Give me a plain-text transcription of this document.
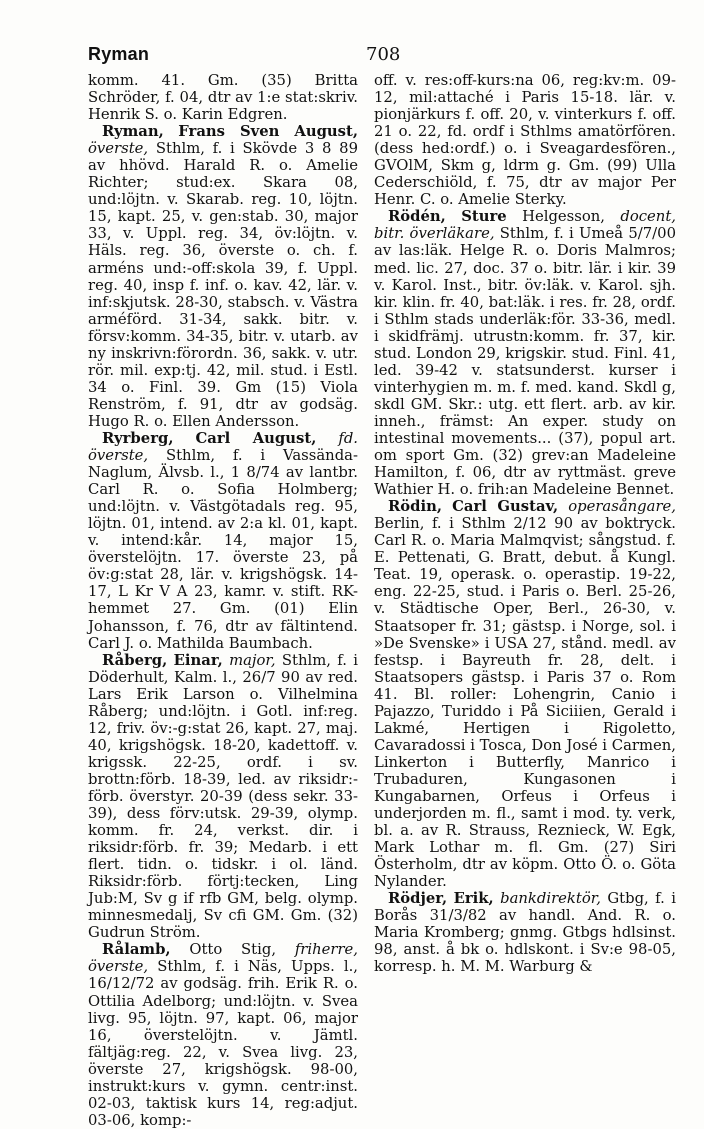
Ryman	708

komm. 41. Gm. (35) Britta Schröder, f. 04, dtr av 1:e stat:skriv. Henrik S. o. Karin Edgren.

Ryman, Frans Sven August, överste, Sthlm, f. i Skövde 3 8 89 av hhövd. Harald R. o. Amelie Richter; stud:ex. Skara 08, und:löjtn. v. Skarab. reg. 10, löjtn. 15, kapt. 25, v. gen:stab. 30, major 33, v. Uppl. reg. 34, öv:löjtn. v. Häls. reg. 36, överste o. ch. f. arméns und:-off:skola 39, f. Uppl. reg. 40, insp f. inf. o. kav. 42, lär. v. inf:skjutsk. 28-30, stabsch. v. Västra arméförd. 31-34, sakk. bitr. v. försv:komm. 34-35, bitr. v. utarb. av ny inskrivn:förordn. 36, sakk. v. utr. rör. mil. exp:tj. 42, mil. stud. i Estl. 34 o. Finl. 39. Gm (15) Viola Renström, f. 91, dtr av godsäg. Hugo R. o. Ellen Andersson.

Ryrberg, Carl August, fd. överste, Sthlm, f. i Vassända-Naglum, Älvsb. l., 1 8/74 av lantbr. Carl R. o. Sofia Holmberg; und:löjtn. v. Västgötadals reg. 95, löjtn. 01, intend. av 2:a kl. 01, kapt. v. intend:kår. 14, major 15, överstelöjtn. 17. överste 23, på öv:g:stat 28, lär. v. krigshögsk. 14-17, L Kr V A 23, kamr. v. stift. RK-hemmet 27. Gm. (01) Elin Johansson, f. 76, dtr av fältintend. Carl J. o. Mathilda Baumbach.

Råberg, Einar, major, Sthlm, f. i Döderhult, Kalm. l., 26/7 90 av red. Lars Erik Larson o. Vilhelmina Råberg; und:löjtn. i Gotl. inf:reg. 12, friv. öv:-g:stat 26, kapt. 27, maj. 40, krigshögsk. 18-20, kadettoff. v. krigssk. 22-25, ordf. i sv. brottn:förb. 18-39, led. av riksidr:-förb. överstyr. 20-39 (dess sekr. 33-39), dess förv:utsk. 29-39, olymp. komm. fr. 24, verkst. dir. i riksidr:förb. fr. 39; Medarb. i ett flert. tidn. o. tidskr. i ol. länd. Riksidr:förb. förtj:tecken, Ling Jub:M, Sv g if rfb GM, belg. olymp. minnesmedalj, Sv cfi GM. Gm. (32) Gudrun Ström.

Rålamb, Otto Stig, friherre, överste, Sthlm, f. i Näs, Upps. l., 16/12/72 av godsäg. frih. Erik R. o. Ottilia Adelborg; und:löjtn. v. Svea livg. 95, löjtn. 97, kapt. 06, major 16, överstelöjtn. v. Jämtl. fältjäg:reg. 22, v. Svea livg. 23, överste 27, krigshögsk. 98-00, instrukt:kurs v. gymn. centr:inst. 02-03, taktisk kurs 14, reg:adjut. 03-06, komp:-

off. v. res:off-kurs:na 06, reg:kv:m. 09-12, mil:attaché i Paris 15-18. lär. v. pionjärkurs f. off. 20, v. vinterkurs f. off. 21 o. 22, fd. ordf i Sthlms amatörfören. (dess hed:ordf.) o. i Sveagardesfören., GVOlM, Skm g, ldrm g. Gm. (99) Ulla Cederschiöld, f. 75, dtr av major Per Henr. C. o. Amelie Sterky.

Rödén, Sture Helgesson, docent, bitr. överläkare, Sthlm, f. i Umeå 5/7/00 av las:läk. Helge R. o. Doris Malmros; med. lic. 27, doc. 37 o. bitr. lär. i kir. 39 v. Karol. Inst., bitr. öv:läk. v. Karol. sjh. kir. klin. fr. 40, bat:läk. i res. fr. 28, ordf. i Sthlm stads underläk:för. 33-36, medl. i skidfrämj. utrustn:komm. fr. 37, kir. stud. London 29, krigskir. stud. Finl. 41, led. 39-42 v. statsunderst. kurser i vinterhygien m. m. f. med. kand. Skdl g, skdl GM. Skr.: utg. ett flert. arb. av kir. inneh., främst: An exper. study on intestinal movements... (37), popul art. om sport Gm. (32) grev:an Madeleine Hamilton, f. 06, dtr av ryttmäst. greve Wathier H. o. frih:an Madeleine Bennet.

Rödin, Carl Gustav, operasångare, Berlin, f. i Sthlm 2/12 90 av boktryck. Carl R. o. Maria Malmqvist; sångstud. f. E. Pettenati, G. Bratt, debut. å Kungl. Teat. 19, operask. o. operastip. 19-22, eng. 22-25, stud. i Paris o. Berl. 25-26, v. Städtische Oper, Berl., 26-30, v. Staatsoper fr. 31; gästsp. i Norge, sol. i »De Svenske» i USA 27, stånd. medl. av festsp. i Bayreuth fr. 28, delt. i Staatsopers gästsp. i Paris 37 o. Rom 41. Bl. roller: Lohengrin, Canio i Pajazzo, Turiddo i På Siciiien, Gerald i Lakmé, Hertigen i Rigoletto, Cavaradossi i Tosca, Don José i Carmen, Linkerton i Butterfly, Manrico i Trubaduren, Kungasonen i Kungabarnen, Orfeus i Orfeus i underjorden m. fl., samt i mod. ty. verk, bl. a. av R. Strauss, Reznieck, W. Egk, Mark Lothar m. fl. Gm. (27) Siri Österholm, dtr av köpm. Otto Ö. o. Göta Nylander.

Rödjer, Erik, bankdirektör, Gtbg, f. i Borås 31/3/82 av handl. And. R. o. Maria Kromberg; gnmg. Gtbgs hdlsinst. 98, anst. å bk o. hdlskont. i Sv:e 98-05, korresp. h. M. M. Warburg &
